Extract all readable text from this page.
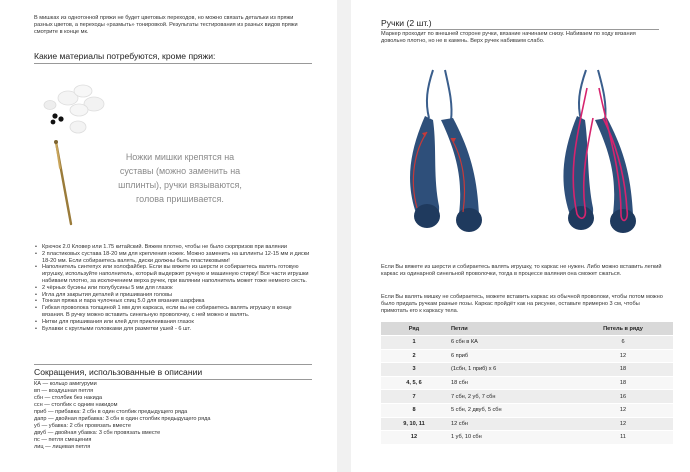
В мишках из однотонной пряжи не будет цветовых переходов, но можно связать детальки из пряжи разных цветов, а переходы «размыть» тонировкой. Результаты тестирования из разных видов пряжи смотрите в конце мк.
Какие материалы потребуются, кроме пряжи:
Ножки мишки крепятся на суставы (можно заменить на шплинты), ручки вязываются, голова пришивается.
• Крючок 2.0 Кловер или 1.75 китайский. Вяжем плотно, чтобы не было сюрпризов при валянии
• 2 пластиковых сустава 18-20 мм для крепления ножек. Можно заменить на шплинты 12-15 мм и диски 18-20 мм. Если собираетесь валять, диски должны быть пластиковыми!
• Наполнитель синтепух или холофайбер. Если вы вяжете из шерсти и собираетесь валять готовую игрушку, используйте наполнитель, который выдержит ручную и машинную стирку! Все части игрушки набиваем плотно, за исключением верха ручек, при валянии наполнитель может тоже немного сесть.
• 2 чёрных бусины или полубусины 5 мм для глазок
• Игла для закрытия деталей и пришивания головы
• Тонкая пряжа и пара чулочных спиц 5.0 для вязания шарфика
• Гибкая проволока толщиной 1 мм для каркаса, если вы не собираетесь валять игрушку в конце вязания. В ручку можно вставить синельную проволочку, с ней можно и валять.
• Нитки для пришивания или клей для приклеивания глазок
• Булавки с круглыми головками для разметки ушей - 6 шт.
Сокращения, использованные в описании
КА — кольцо амигуруми
вп — воздушная петля
сбн — столбик без накида
ссн — столбик с одним накидом
приб — прибавка: 2 сбн в один столбик предыдущего ряда
дапр — двойная прибавка: 3 сбн в один столбик предыдущего ряда
уб — убавка: 2 сбн провязать вместе
двуб — двойная убавка: 3 сбн провязать вместе
пс — петля смещения
лиц — лицевая петля
Ручки (2 шт.)
Маркер проходит по внешней стороне ручки, вязание начинаем снизу. Набиваем по ходу вязания довольно плотно, но не в камень. Верх ручек набиваем слабо.
Если Вы вяжете из шерсти и собираетесь валять игрушку, то каркас не нужен. Либо можно вставить легкий каркас из одинарной синельной проволочки, тогда в процессе валяния она сможет сжаться.
Если Вы валять мишку не собираетесь, можете вставить каркас из обычной проволоки, чтобы потом можно было придать ручкам разные позы. Каркас пройдёт как на рисунке, оставьте примерно 3 см, чтобы примотать его к каркасу тела.
Ряд	Петли	Петель в ряду
1	6 сбн в КА	6
2	6 приб	12
3	(1сбн, 1 приб) х 6	18
4, 5, 6	18 сбн	18
7	7 сбн, 2 уб, 7 сбн	16
8	5 сбн, 2 двуб, 5 сбн	12
9, 10, 11	12 сбн	12
12	1 уб, 10 сбн	11
